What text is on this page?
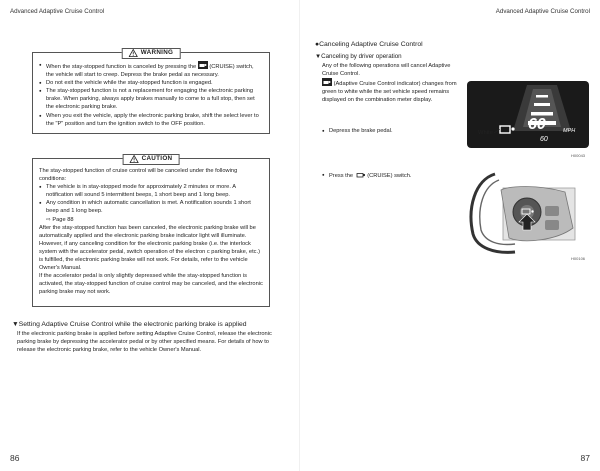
Advanced Adaptive Cruise Control	Advanced Adaptive Cruise Control
WARNING
● When the stay-stopped function is canceled by pressing the (CRUISE) switch, the vehicle will start to creep. Depress the brake pedal as necessary.
● Do not exit the vehicle while the stay-stopped function is engaged.
● The stay-stopped function is not a replacement for engaging the electronic parking brake. When parking, always apply brakes manually to come to a full stop, then set the electronic parking brake.
● When you exit the vehicle, apply the electronic parking brake, shift the select lever to the "P" position and turn the ignition switch to the OFF position.
CAUTION
The stay-stopped function of cruise control will be canceled under the following conditions:
● The vehicle is in stay-stopped mode for approximately 2 minutes or more. A notification will sound 5 intermittent beeps, 1 short beep and 1 long beep.
● Any condition in which automatic cancellation is met. A notification sounds 1 short beep and 1 long beep.
⇨ Page 88
After the stay-stopped function has been canceled, the electronic parking brake will be automatically applied and the electronic parking brake indicator light will illuminate. However, if any canceling condition for the electronic parking brake (i.e. the interlock system with the accelerator pedal, switch operation of the electron c parking brake, etc.) is fulfilled, the electronic parking brake will not work. For details, refer to the vehicle Owner's Manual.
If the accelerator pedal is only slightly depressed while the stay-stopped function is activated, the stay-stopped function of cruise control may be canceled, and the electronic parking brake may not work.
▼Setting Adaptive Cruise Control while the electronic parking brake is applied
If the electronic parking brake is applied before setting Adaptive Cruise Control, release the electronic parking brake by depressing the accelerator pedal or by other specified means. For details of how to release the electronic parking brake, refer to the vehicle Owner's Manual.
●Canceling Adaptive Cruise Control
▼Canceling by driver operation
Any of the following operations will cancel Adaptive Cruise Control.
(Adaptive Cruise Control indicator) changes from green to white while the set vehicle speed remains displayed on the combination meter display.
● Depress the brake pedal.
● Press the (CRUISE) switch.
60	MPH
60
White
H00043
H00106
86	87
